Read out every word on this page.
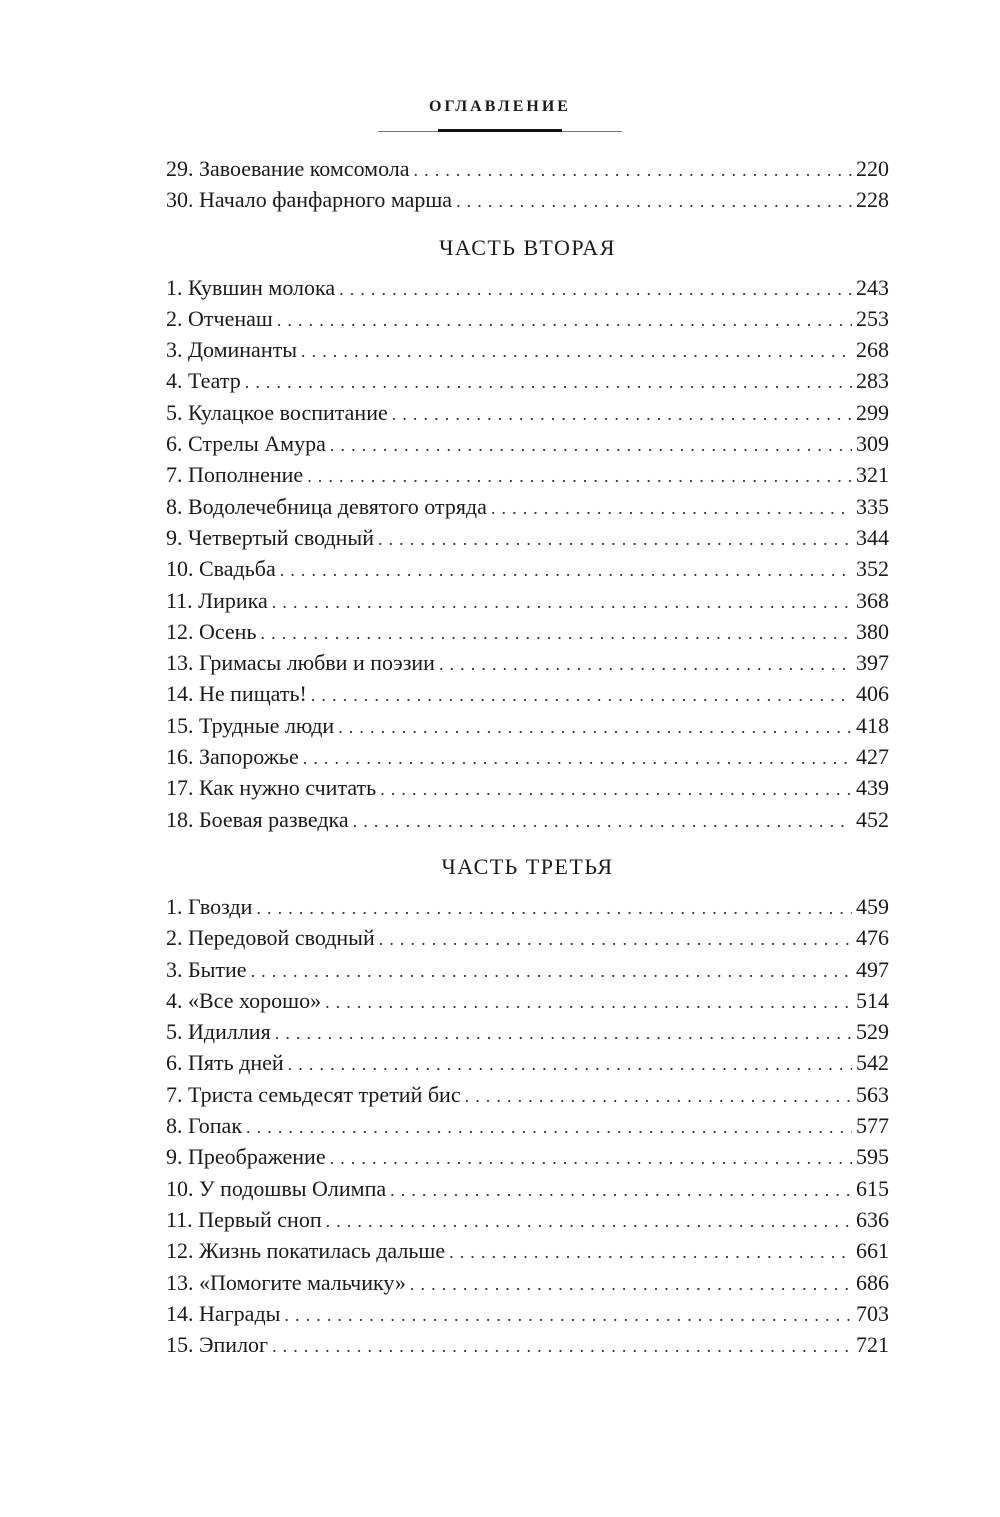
ОГЛАВЛЕНИЕ
29. Завоевание комсомола . . .	220
30. Начало фанфарного марша . . .	228
ЧАСТЬ ВТОРАЯ
1. Кувшин молока . . .	243
2. Отченаш . . .	253
3. Доминанты . . .	268
4. Театр . . .	283
5. Кулацкое воспитание . . .	299
6. Стрелы Амура . . .	309
7. Пополнение . . .	321
8. Водолечебница девятого отряда . . .	335
9. Четвертый сводный . . .	344
10. Свадьба . . .	352
11. Лирика . . .	368
12. Осень . . .	380
13. Гримасы любви и поэзии . . .	397
14. Не пищать! . . .	406
15. Трудные люди . . .	418
16. Запорожье . . .	427
17. Как нужно считать . . .	439
18. Боевая разведка . . .	452
ЧАСТЬ ТРЕТЬЯ
1. Гвозди . . .	459
2. Передовой сводный . . .	476
3. Бытие . . .	497
4. «Все хорошо» . . .	514
5. Идиллия . . .	529
6. Пять дней . . .	542
7. Триста семьдесят третий бис . . .	563
8. Гопак . . .	577
9. Преображение . . .	595
10. У подошвы Олимпа . . .	615
11. Первый сноп . . .	636
12. Жизнь покатилась дальше . . .	661
13. «Помогите мальчику» . . .	686
14. Награды . . .	703
15. Эпилог . . .	721
